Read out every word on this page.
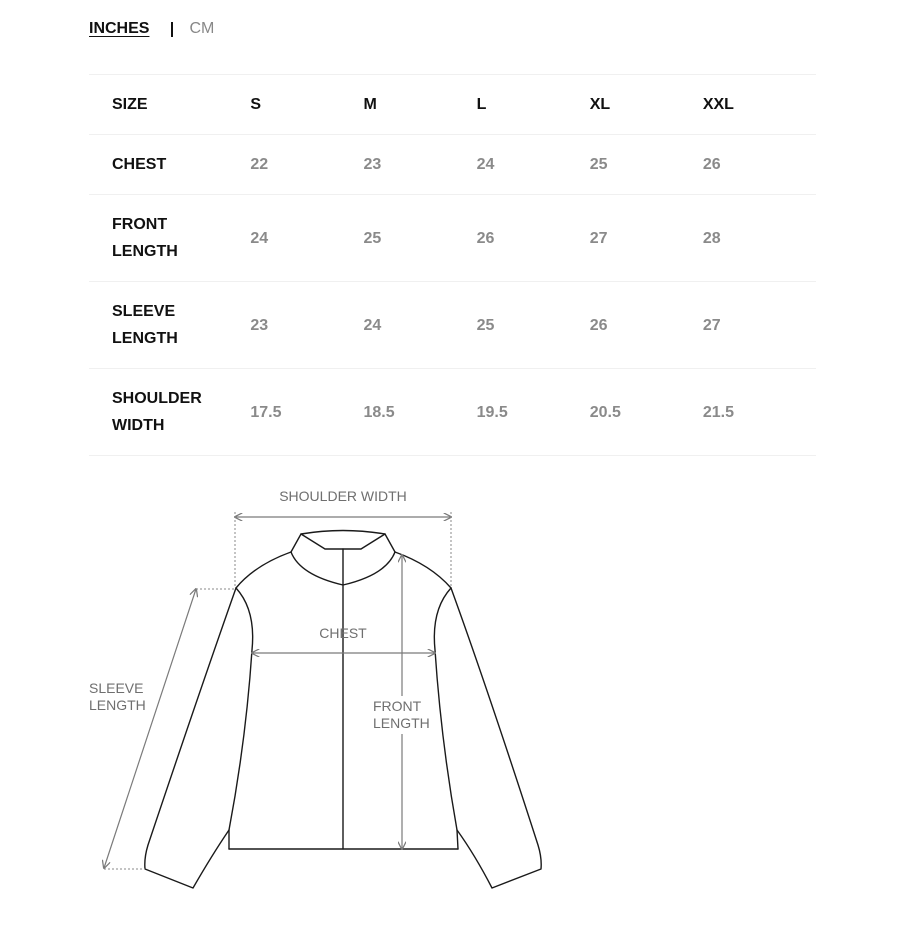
INCHES	CM
SIZE	S	M	L	XL	XXL
CHEST	22	23	24	25	26
FRONT
LENGTH	24	25	26	27	28
SLEEVE
LENGTH	23	24	25	26	27
SHOULDER
WIDTH	17.5	18.5	19.5	20.5	21.5
SHOULDER WIDTH
CHEST
FRONT
LENGTH
SLEEVE
LENGTH
